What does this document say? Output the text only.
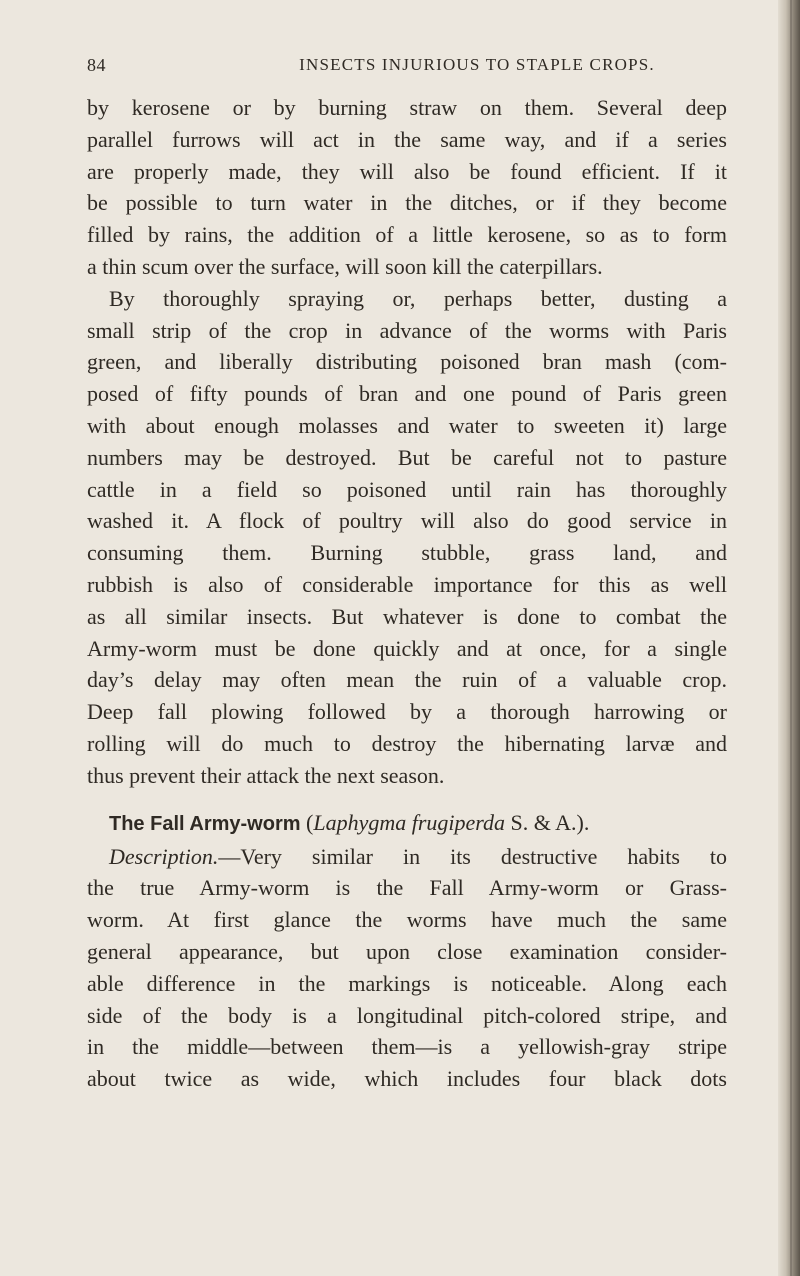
84	INSECTS INJURIOUS TO STAPLE CROPS.
by kerosene or by burning straw on them. Several deep
parallel furrows will act in the same way, and if a series
are properly made, they will also be found efficient. If it
be possible to turn water in the ditches, or if they become
filled by rains, the addition of a little kerosene, so as to form
a thin scum over the surface, will soon kill the caterpillars.
By thoroughly spraying or, perhaps better, dusting a
small strip of the crop in advance of the worms with Paris
green, and liberally distributing poisoned bran mash (com-
posed of fifty pounds of bran and one pound of Paris green
with about enough molasses and water to sweeten it) large
numbers may be destroyed. But be careful not to pasture
cattle in a field so poisoned until rain has thoroughly
washed it. A flock of poultry will also do good service in
consuming them. Burning stubble, grass land, and
rubbish is also of considerable importance for this as well
as all similar insects. But whatever is done to combat the
Army-worm must be done quickly and at once, for a single
day’s delay may often mean the ruin of a valuable crop.
Deep fall plowing followed by a thorough harrowing or
rolling will do much to destroy the hibernating larvæ and
thus prevent their attack the next season.
The Fall Army-worm (Laphygma frugiperda S. & A.).
Description.—Very similar in its destructive habits to
the true Army-worm is the Fall Army-worm or Grass-
worm. At first glance the worms have much the same
general appearance, but upon close examination consider-
able difference in the markings is noticeable. Along each
side of the body is a longitudinal pitch-colored stripe, and
in the middle—between them—is a yellowish-gray stripe
about twice as wide, which includes four black dots
